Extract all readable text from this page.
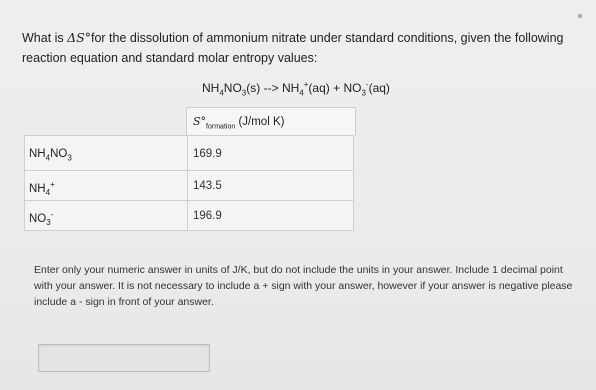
What is ΔS°for the dissolution of ammonium nitrate under standard conditions, given the following reaction equation and standard molar entropy values:
$NH_4NO_3(s)$ --> $NH_4^+(aq) + NO_3^-(aq)$
$S^\circ_{formation}$ (J/mol K)
$NH_4NO_3$	169.9
$NH_4^+$	143.5
$NO_3^-$	196.9
Enter only your numeric answer in units of J/K, but do not include the units in your answer. Include 1 decimal point with your answer. It is not necessary to include a + sign with your answer, however if your answer is negative please include a - sign in front of your answer.
